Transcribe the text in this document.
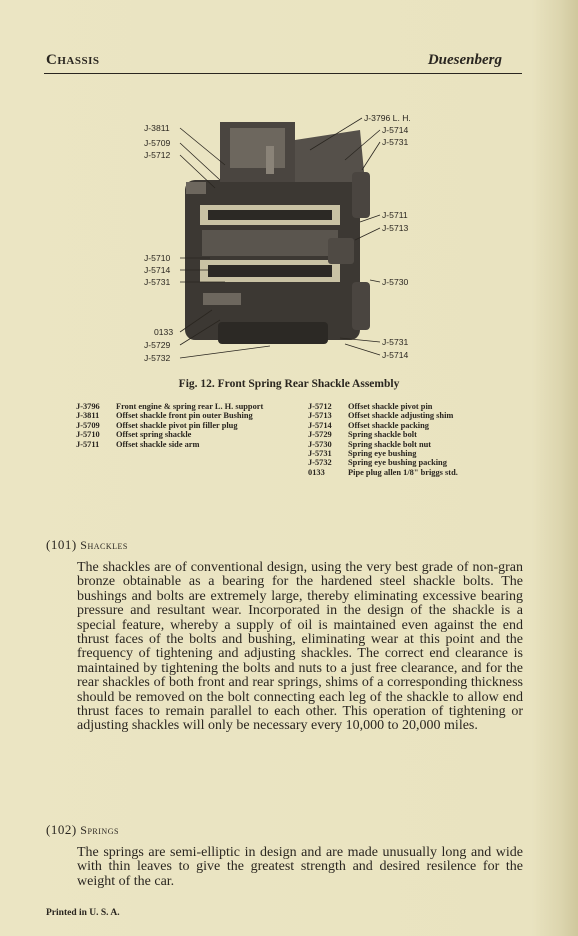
Chassis	Duesenberg
J-3811
J-5709
J-5712
J-5710
J-5714
J-5731
0133
J-5729
J-5732
J-3796 L. H.
J-5714
J-5731
J-5711
J-5713
J-5730
J-5731
J-5714
Fig. 12. Front Spring Rear Shackle Assembly
J-3796	Front engine & spring rear L. H. support
J-3811	Offset shackle front pin outer Bushing
J-5709	Offset shackle pivot pin filler plug
J-5710	Offset spring shackle
J-5711	Offset shackle side arm
J-5712	Offset shackle pivot pin
J-5713	Offset shackle adjusting shim
J-5714	Offset shackle packing
J-5729	Spring shackle bolt
J-5730	Spring shackle bolt nut
J-5731	Spring eye bushing
J-5732	Spring eye bushing packing
0133	Pipe plug allen 1/8" briggs std.
(101) Shackles
The shackles are of conventional design, using the very best grade of non-gran bronze obtainable as a bearing for the hardened steel shackle bolts. The bushings and bolts are extremely large, thereby eliminating excessive bearing pressure and resultant wear. Incorporated in the design of the shackle is a special feature, whereby a supply of oil is maintained even against the end thrust faces of the bolts and bushing, eliminating wear at this point and the frequency of tightening and adjusting shackles. The correct end clearance is maintained by tightening the bolts and nuts to a just free clearance, and for the rear shackles of both front and rear springs, shims of a corresponding thickness should be removed on the bolt connecting each leg of the shackle to allow end thrust faces to remain parallel to each other. This operation of tightening or adjusting shackles will only be necessary every 10,000 to 20,000 miles.
(102) Springs
The springs are semi-elliptic in design and are made unusually long and wide with thin leaves to give the greatest strength and desired resilence for the weight of the car.
Printed in U. S. A.
